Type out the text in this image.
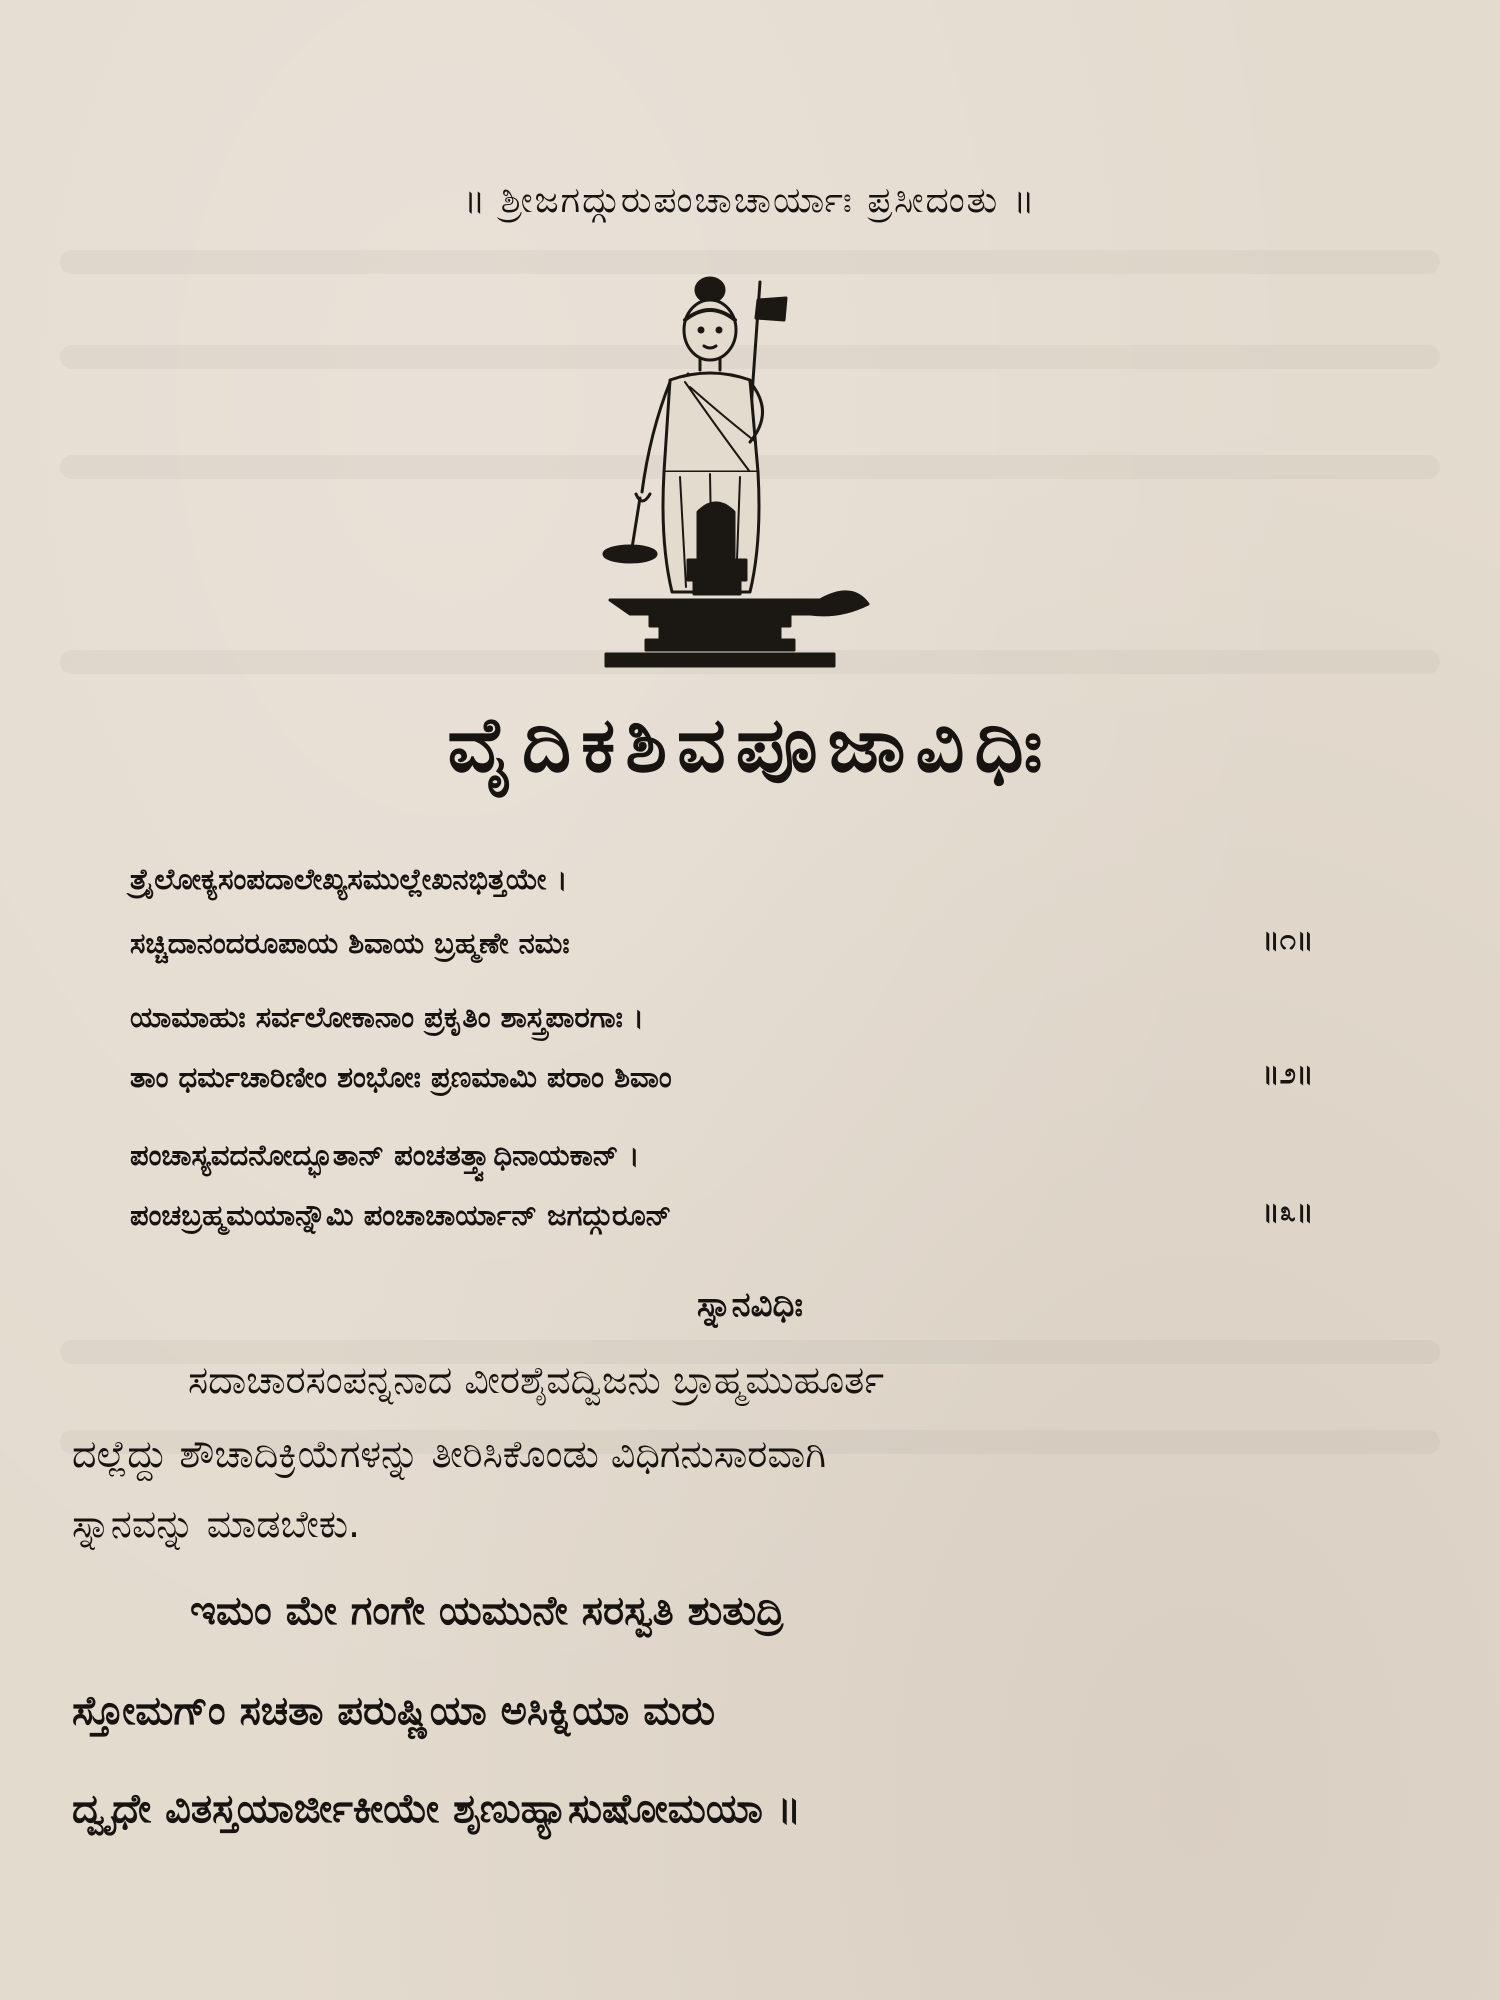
॥ ಶ್ರೀಜಗದ್ಗುರುಪಂಚಾಚಾರ್ಯಾಃ ಪ್ರಸೀದಂತು ॥
ವೈದಿಕಶಿವಪೂಜಾವಿಧಿಃ
ತ್ರೈಲೋಕ್ಯಸಂಪದಾಲೇಖ್ಯಸಮುಲ್ಲೇಖನಭಿತ್ತಯೇ ।
ಸಚ್ಚಿದಾನಂದರೂಪಾಯ ಶಿವಾಯ ಬ್ರಹ್ಮಣೇ ನಮಃ	॥೧॥
ಯಾಮಾಹುಃ ಸರ್ವಲೋಕಾನಾಂ ಪ್ರಕೃತಿಂ ಶಾಸ್ತ್ರಪಾರಗಾಃ ।
ತಾಂ ಧರ್ಮಚಾರಿಣೀಂ ಶಂಭೋಃ ಪ್ರಣಮಾಮಿ ಪರಾಂ ಶಿವಾಂ	॥೨॥
ಪಂಚಾಸ್ಯವದನೋದ್ಭೂತಾನ್ ಪಂಚತತ್ತ್ವಾಧಿನಾಯಕಾನ್ ।
ಪಂಚಬ್ರಹ್ಮಮಯಾನ್ನೌಮಿ ಪಂಚಾಚಾರ್ಯಾನ್ ಜಗದ್ಗುರೂನ್	॥೩॥
ಸ್ನಾನವಿಧಿಃ
ಸದಾಚಾರಸಂಪನ್ನನಾದ ವೀರಶೈವದ್ವಿಜನು ಬ್ರಾಹ್ಮಮುಹೂರ್ತ
ದಲ್ಲೆದ್ದು ಶೌಚಾದಿಕ್ರಿಯೆಗಳನ್ನು ತೀರಿಸಿಕೊಂಡು ವಿಧಿಗನುಸಾರವಾಗಿ
ಸ್ನಾನವನ್ನು ಮಾಡಬೇಕು.
ಇಮಂ ಮೇ ಗಂಗೇ ಯಮುನೇ ಸರಸ್ವತಿ ಶುತುದ್ರಿ
ಸ್ತೋಮಗ್ಂ ಸಚತಾ ಪರುಷ್ಣಿಯಾ ಅಸಿಕ್ನಿಯಾ ಮರು
ದ್ವೃಧೇ ವಿತಸ್ತಯಾರ್ಜೀಕೀಯೇ ಶೃಣುಹ್ಯಾಸುಷೋಮಯಾ ॥
